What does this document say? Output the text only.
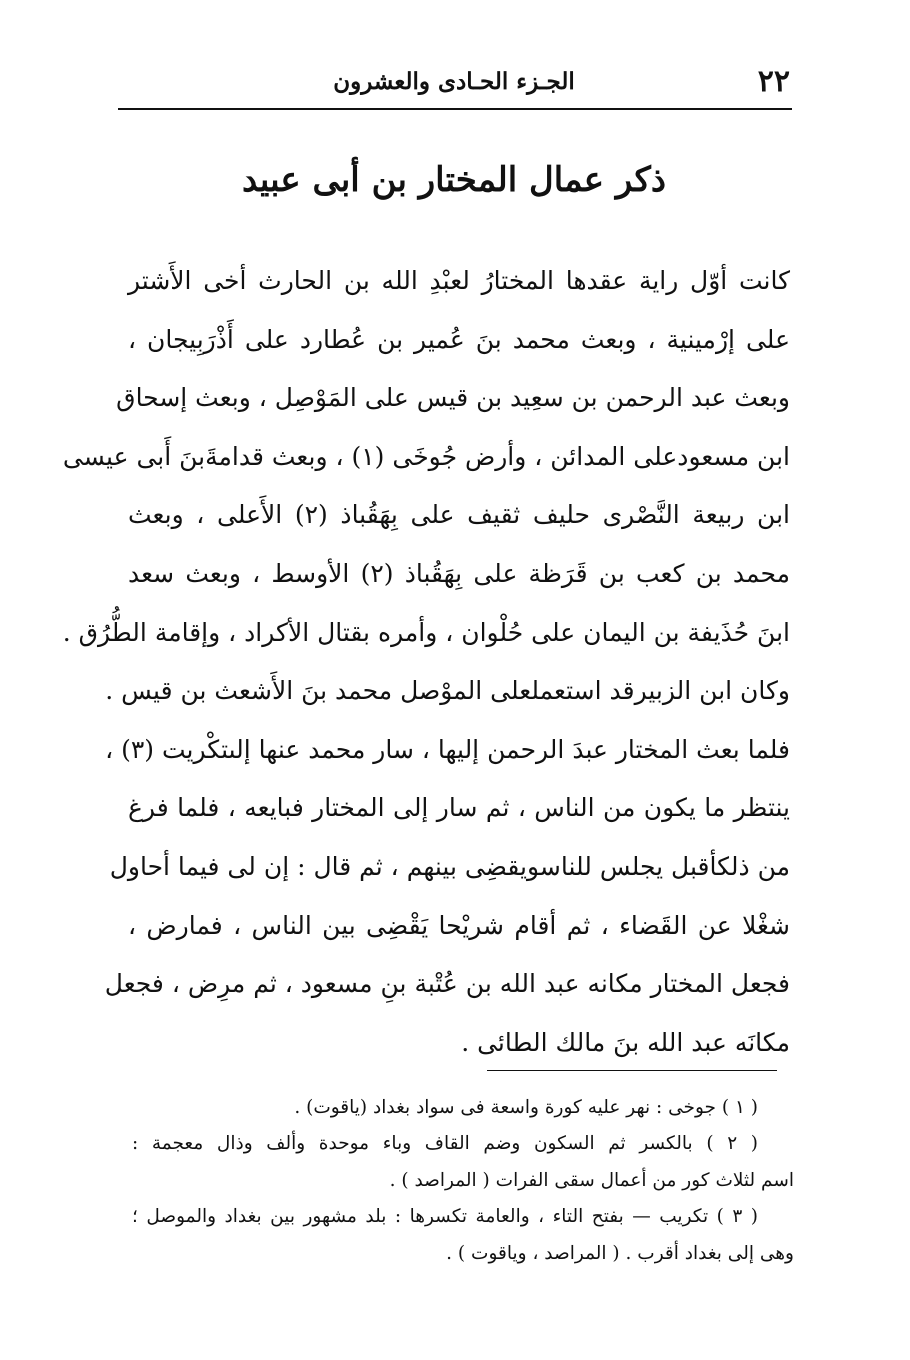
٢٢
الجـزء الحـادى والعشرون
ذكر عمال المختار بن أبى عبيد
كانت أوّل راية عقدها المختارُ لعبْدِ الله بن الحارث أخى الأَشتر
على إرْمينية ، وبعث محمد بنَ عُمير بن عُطارد على أَذْرَبِيجان ،
وبعث عبد الرحمن بن سعِيد بن قيس على المَوْصِل ، وبعث إسحاق
ابن مسعودعلى المدائن ، وأرض جُوخَى (١) ، وبعث قدامةَبنَ أَبى عيسى
ابن ربيعة النَّصْرى حليف ثقيف على بِهَقُباذ (٢) الأَعلى ، وبعث
محمد بن كعب بن قَرَظة على بِهَقُباذ (٢) الأوسط ، وبعث سعد
ابنَ حُذَيفة بن اليمان على حُلْوان ، وأمره بقتال الأكراد ، وإقامة الطُّرُق .
وكان ابن الزبيرقد استعملعلى الموْصل محمد بنَ الأَشعث بن قيس .
فلما بعث المختار عبدَ الرحمن إليها ، سار محمد عنها إلىتكْريت (٣) ،
ينتظر ما يكون من الناس ، ثم سار إلى المختار فبايعه ، فلما فرغ
من ذلكأقبل يجلس للناسويقضِى بينهم ، ثم قال : إن لى فيما أحاول
شغْلا عن القَضاء ، ثم أقام شريْحا يَقْضِى بين الناس ، فمارض ،
فجعل المختار مكانه عبد الله بن عُتْبة بنِ مسعود ، ثم مرِض ، فجعل
مكانَه عبد الله بنَ مالك الطائى .
( ١ ) جوخى : نهر عليه كورة واسعة فى سواد بغداد (ياقوت) .
( ٢ ) بالكسر ثم السكون وضم القاف وباء موحدة وألف وذال معجمة :
اسم لثلاث كور من أعمال سقى الفرات ( المراصد ) .
( ٣ ) تكريب — بفتح التاء ، والعامة تكسرها : بلد مشهور بين بغداد والموصل ؛
وهى إلى بغداد أقرب . ( المراصد ، وياقوت ) .
